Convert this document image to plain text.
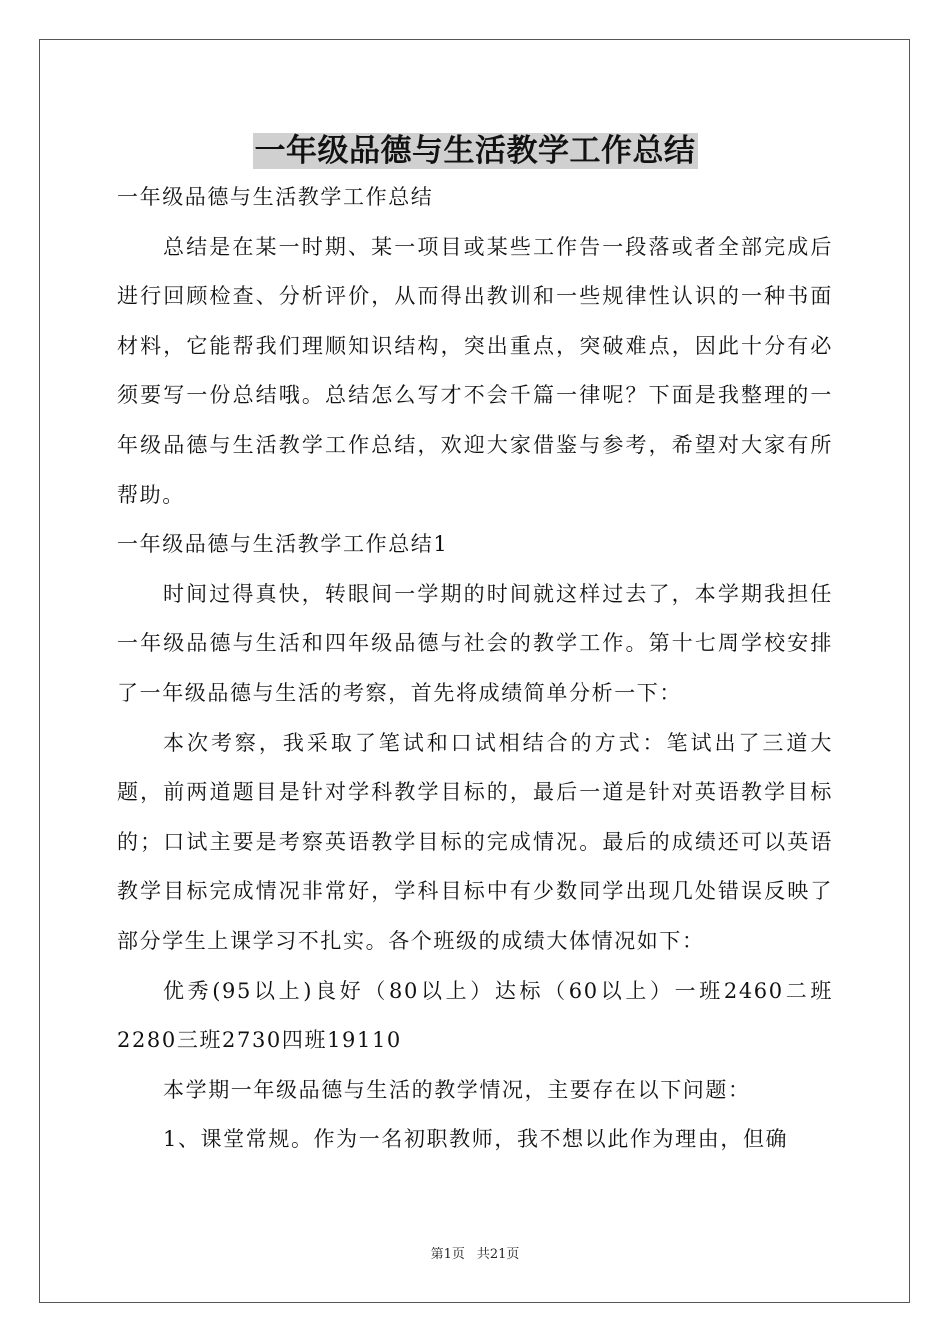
一年级品德与生活教学工作总结

一年级品德与生活教学工作总结

总结是在某一时期、某一项目或某些工作告一段落或者全部完成后进行回顾检查、分析评价，从而得出教训和一些规律性认识的一种书面材料，它能帮我们理顺知识结构，突出重点，突破难点，因此十分有必须要写一份总结哦。总结怎么写才不会千篇一律呢？下面是我整理的一年级品德与生活教学工作总结，欢迎大家借鉴与参考，希望对大家有所帮助。

一年级品德与生活教学工作总结1

时间过得真快，转眼间一学期的时间就这样过去了，本学期我担任一年级品德与生活和四年级品德与社会的教学工作。第十七周学校安排了一年级品德与生活的考察，首先将成绩简单分析一下：

本次考察，我采取了笔试和口试相结合的方式：笔试出了三道大题，前两道题目是针对学科教学目标的，最后一道是针对英语教学目标的；口试主要是考察英语教学目标的完成情况。最后的成绩还可以英语教学目标完成情况非常好，学科目标中有少数同学出现几处错误反映了部分学生上课学习不扎实。各个班级的成绩大体情况如下：

优秀(95以上)良好（80以上）达标（60以上）一班2460二班2280三班2730四班19110

本学期一年级品德与生活的教学情况，主要存在以下问题：

1、课堂常规。作为一名初职教师，我不想以此作为理由，但确

第1页 共21页
